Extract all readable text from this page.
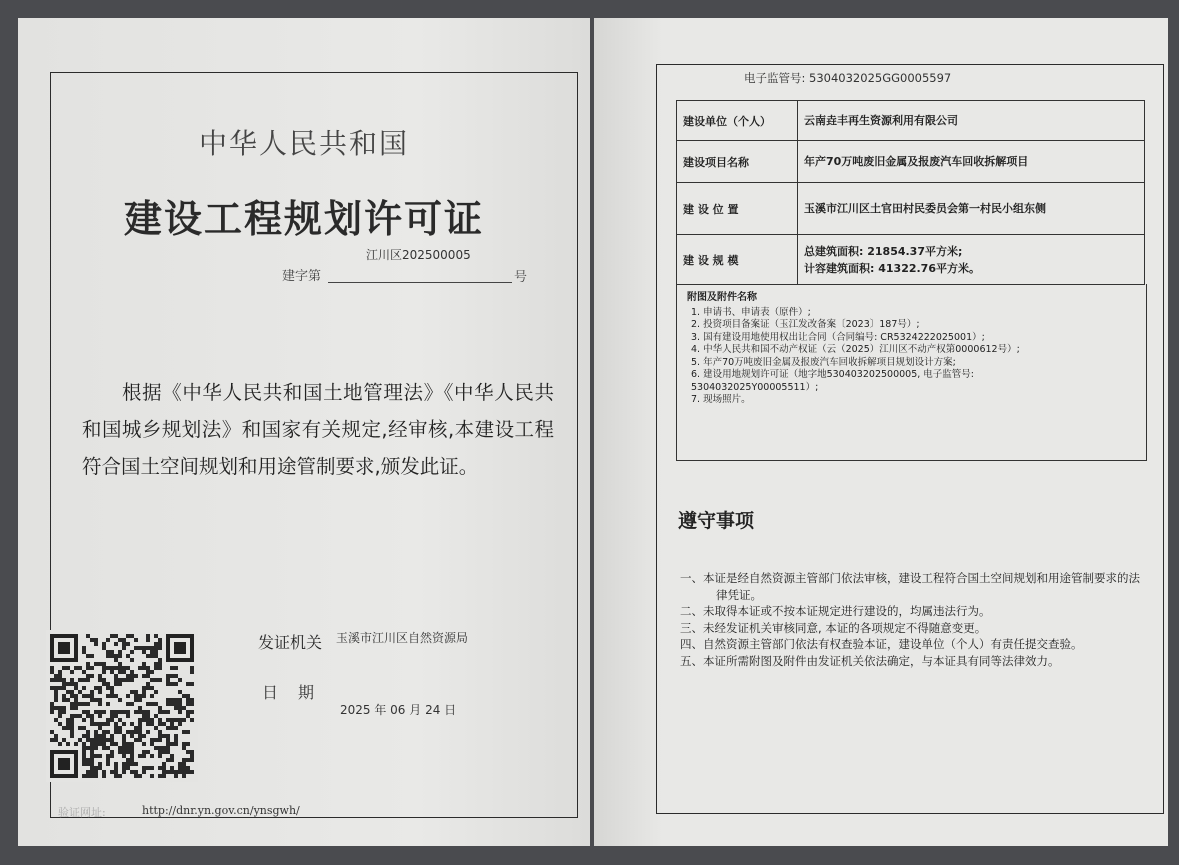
中华人民共和国
建设工程规划许可证
江川区202500005
建字第	号
根据《中华人民共和国土地管理法》《中华人民共和国城乡规划法》和国家有关规定,经审核,本建设工程符合国土空间规划和用途管制要求,颁发此证。
发证机关 玉溪市江川区自然资源局
日期
2025 年 06 月 24 日
验证网址:	http://dnr.yn.gov.cn/ynsgwh/
电子监管号: 5304032025GG0005597
建设单位（个人）	云南垚丰再生资源利用有限公司
建设项目名称	年产70万吨废旧金属及报废汽车回收拆解项目
建 设 位 置	玉溪市江川区土官田村民委员会第一村民小组东侧
建 设 规 模	总建筑面积: 21854.37平方米;
计容建筑面积: 41322.76平方米。
附图及附件名称
1. 申请书、申请表（原件）;
2. 投资项目备案证（玉江发改备案〔2023〕187号）;
3. 国有建设用地使用权出让合同（合同编号: CR5324222025001）;
4. 中华人民共和国不动产权证（云（2025）江川区不动产权第0000612号）;
5. 年产70万吨废旧金属及报废汽车回收拆解项目规划设计方案;
6. 建设用地规划许可证（地字地530403202500005, 电子监管号:
5304032025Y00005511）;
7. 现场照片。
遵守事项
一、本证是经自然资源主管部门依法审核，建设工程符合国土空间规划和用途管制要求的法律凭证。
二、未取得本证或不按本证规定进行建设的，均属违法行为。
三、未经发证机关审核同意, 本证的各项规定不得随意变更。
四、自然资源主管部门依法有权查验本证，建设单位（个人）有责任提交查验。
五、本证所需附图及附件由发证机关依法确定，与本证具有同等法律效力。
